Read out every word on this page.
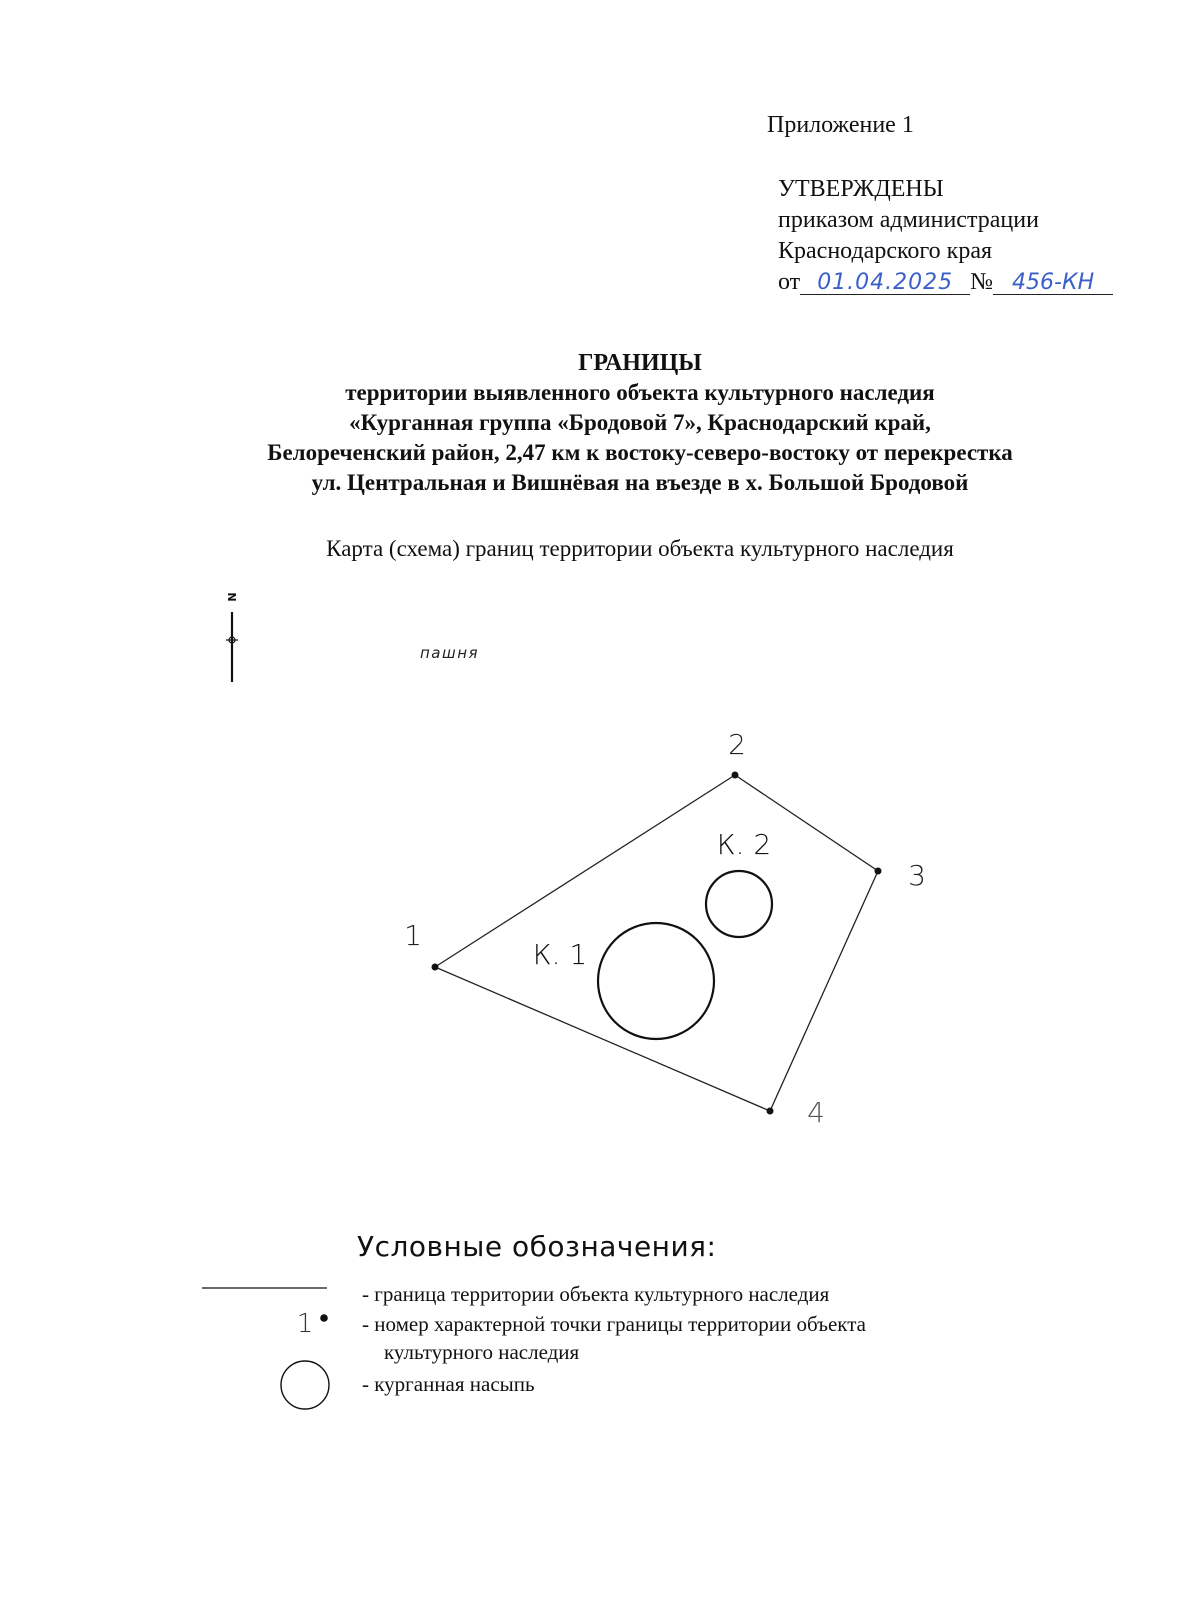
Приложение 1
УТВЕРЖДЕНЫ
приказом администрации
Краснодарского края
от 01.04.2025 № 456-КН
ГРАНИЦЫ
территории выявленного объекта культурного наследия
«Курганная группа «Бродовой 7», Краснодарский край,
Белореченский район, 2,47 км к востоку-северо-востоку от перекрестка
ул. Центральная и Вишнёвая на въезде в х. Большой Бродовой
Карта (схема) границ территории объекта культурного наследия
N
пашня
1
2
3
4
К. 1
К. 2
1
Условные обозначения:
- граница территории объекта культурного наследия
- номер характерной точки границы территории объекта
культурного наследия
- курганная насыпь
